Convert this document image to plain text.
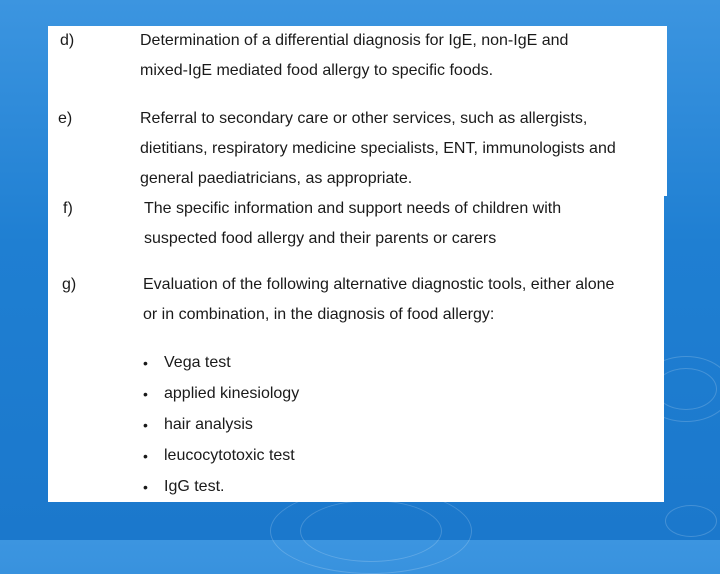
d)	Determination of a differential diagnosis for IgE, non-IgE and
mixed-IgE mediated food allergy to specific foods.
e)	Referral to secondary care or other services, such as allergists,
dietitians, respiratory medicine specialists, ENT, immunologists and
general paediatricians, as appropriate.
f)	The specific information and support needs of children with
suspected food allergy and their parents or carers
g)	Evaluation of the following alternative diagnostic tools, either alone
or in combination, in the diagnosis of food allergy:
• Vega test
• applied kinesiology
• hair analysis
• leucocytotoxic test
• IgG test.
